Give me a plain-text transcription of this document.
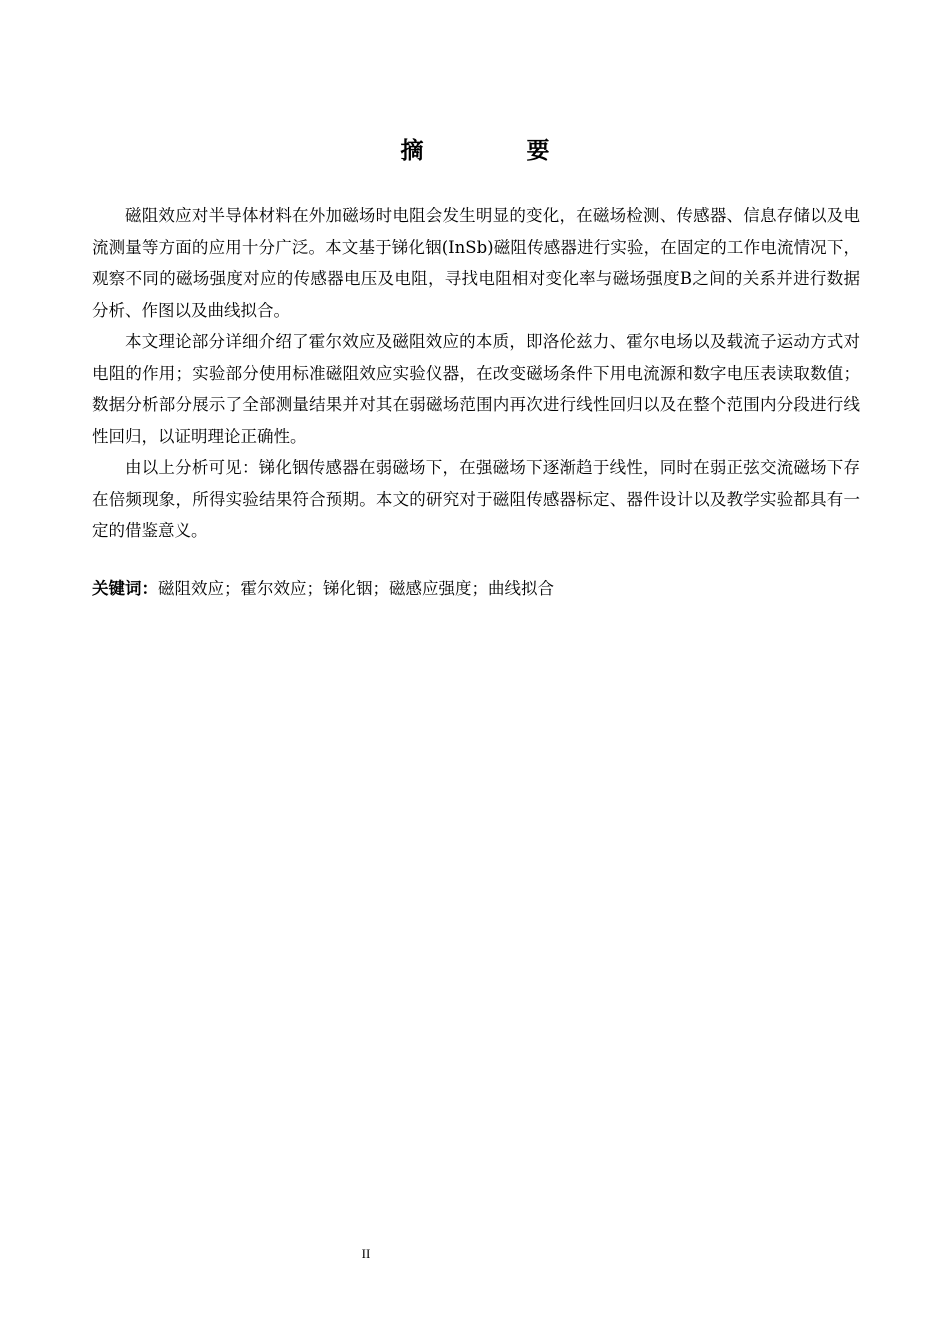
摘　要

磁阻效应对半导体材料在外加磁场时电阻会发生明显的变化，在磁场检测、传感器、信息存储以及电流测量等方面的应用十分广泛。本文基于锑化铟(InSb)磁阻传感器进行实验，在固定的工作电流情况下，观察不同的磁场强度对应的传感器电压及电阻，寻找电阻相对变化率与磁场强度B之间的关系并进行数据分析、作图以及曲线拟合。

本文理论部分详细介绍了霍尔效应及磁阻效应的本质，即洛伦兹力、霍尔电场以及载流子运动方式对电阻的作用；实验部分使用标准磁阻效应实验仪器，在改变磁场条件下用电流源和数字电压表读取数值；数据分析部分展示了全部测量结果并对其在弱磁场范围内再次进行线性回归以及在整个范围内分段进行线性回归，以证明理论正确性。

由以上分析可见：锑化铟传感器在弱磁场下，在强磁场下逐渐趋于线性，同时在弱正弦交流磁场下存在倍频现象，所得实验结果符合预期。本文的研究对于磁阻传感器标定、器件设计以及教学实验都具有一定的借鉴意义。

关键词：磁阻效应；霍尔效应；锑化铟；磁感应强度；曲线拟合
II
